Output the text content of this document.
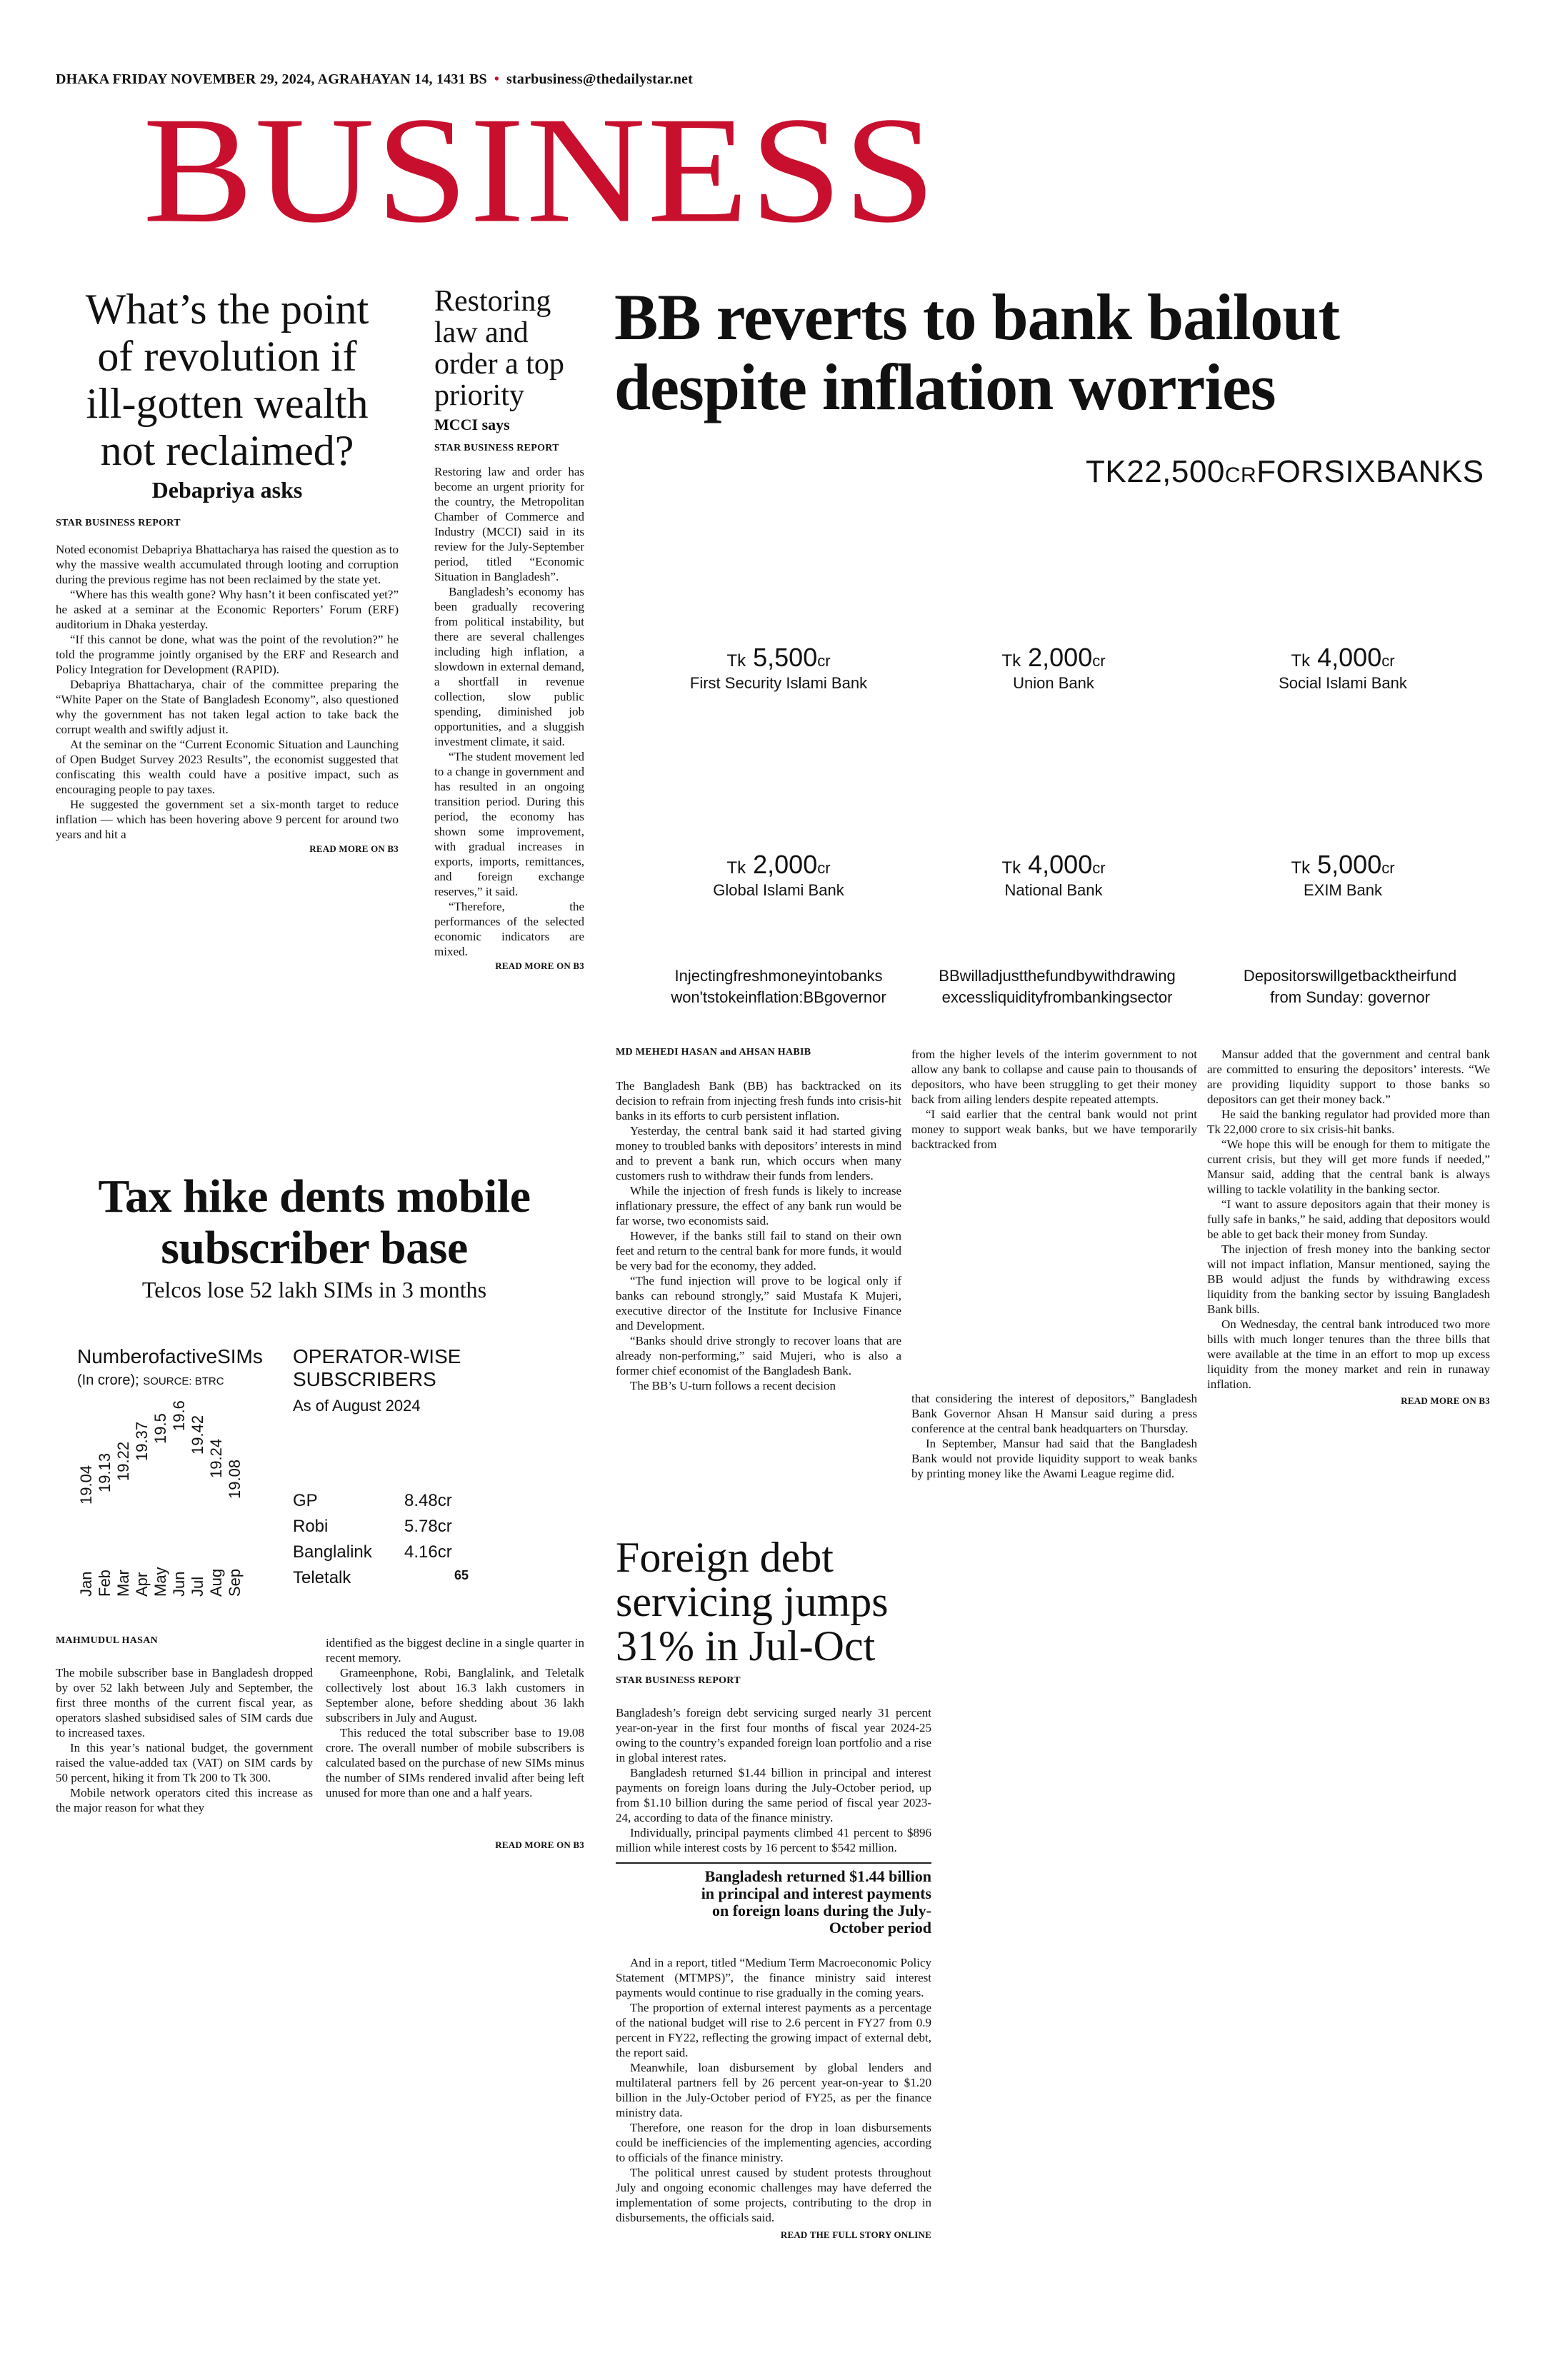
DHAKA FRIDAY NOVEMBER 29, 2024, AGRAHAYAN 14, 1431 BS • starbusiness@thedailystar.net
BUSINESS
What’s the point
of revolution if
ill-gotten wealth
not reclaimed?
Debapriya asks
STAR BUSINESS REPORT

Noted economist Debapriya Bhattacharya has raised the question as to why the massive wealth accumulated through looting and corruption during the previous regime has not been reclaimed by the state yet.

“Where has this wealth gone? Why hasn’t it been confiscated yet?” he asked at a seminar at the Economic Reporters’ Forum (ERF) auditorium in Dhaka yesterday.

“If this cannot be done, what was the point of the revolution?” he told the programme jointly organised by the ERF and Research and Policy Integration for Development (RAPID).

Debapriya Bhattacharya, chair of the committee preparing the “White Paper on the State of Bangladesh Economy”, also questioned why the government has not taken legal action to take back the corrupt wealth and swiftly adjust it.

At the seminar on the “Current Economic Situation and Launching of Open Budget Survey 2023 Results”, the economist suggested that confiscating this wealth could have a positive impact, such as encouraging people to pay taxes.

He suggested the government set a six-month target to reduce inflation — which has been hovering above 9 percent for around two years and hit a

READ MORE ON B3
Restoring
law and
order a top
priority
MCCI says
STAR BUSINESS REPORT

Restoring law and order has become an urgent priority for the country, the Metropolitan Chamber of Commerce and Industry (MCCI) said in its review for the July-September period, titled “Economic Situation in Bangladesh”.

Bangladesh’s economy has been gradually recovering from political instability, but there are several challenges including high inflation, a slowdown in external demand, a shortfall in revenue collection, slow public spending, diminished job opportunities, and a sluggish investment climate, it said.

“The student movement led to a change in government and has resulted in an ongoing transition period. During this period, the economy has shown some improvement, with gradual increases in exports, imports, remittances, and foreign exchange reserves,” it said.

“Therefore, the performances of the selected economic indicators are mixed.

READ MORE ON B3
BB reverts to bank bailout
despite inflation worries
TK22,500CRFORSIXBANKS
Tk 5,500cr
First Security Islami Bank
Tk 2,000cr
Union Bank
Tk 4,000cr
Social Islami Bank
Tk 2,000cr
Global Islami Bank
Tk 4,000cr
National Bank
Tk 5,000cr
EXIM Bank
Injectingfreshmoneyintobanks
won'tstokeinflation:BBgovernor
BBwilladjustthefundbywithdrawing
excessliquidityfrombankingsector
Depositorswillgetbacktheirfund
from Sunday: governor
MD MEHEDI HASAN and AHSAN HABIB

The Bangladesh Bank (BB) has backtracked on its decision to refrain from injecting fresh funds into crisis-hit banks in its efforts to curb persistent inflation.

Yesterday, the central bank said it had started giving money to troubled banks with depositors’ interests in mind and to prevent a bank run, which occurs when many customers rush to withdraw their funds from lenders.

While the injection of fresh funds is likely to increase inflationary pressure, the effect of any bank run would be far worse, two economists said.

However, if the banks still fail to stand on their own feet and return to the central bank for more funds, it would be very bad for the economy, they added.

“The fund injection will prove to be logical only if banks can rebound strongly,” said Mustafa K Mujeri, executive director of the Institute for Inclusive Finance and Development.

“Banks should drive strongly to recover loans that are already non-performing,” said Mujeri, who is also a former chief economist of the Bangladesh Bank.

The BB’s U-turn follows a recent decision

from the higher levels of the interim government to not allow any bank to collapse and cause pain to thousands of depositors, who have been struggling to get their money back from ailing lenders despite repeated attempts.

“I said earlier that the central bank would not print money to support weak banks, but we have temporarily backtracked from

that considering the interest of depositors,” Bangladesh Bank Governor Ahsan H Mansur said during a press conference at the central bank headquarters on Thursday.

In September, Mansur had said that the Bangladesh Bank would not provide liquidity support to weak banks by printing money like the Awami League regime did.

Mansur added that the government and central bank are committed to ensuring the depositors’ interests. “We are providing liquidity support to those banks so depositors can get their money back.”

He said the banking regulator had provided more than Tk 22,000 crore to six crisis-hit banks.

“We hope this will be enough for them to mitigate the current crisis, but they will get more funds if needed,” Mansur said, adding that the central bank is always willing to tackle volatility in the banking sector.

“I want to assure depositors again that their money is fully safe in banks,” he said, adding that depositors would be able to get back their money from Sunday.

The injection of fresh money into the banking sector will not impact inflation, Mansur mentioned, saying the BB would adjust the funds by withdrawing excess liquidity from the banking sector by issuing Bangladesh Bank bills.

On Wednesday, the central bank introduced two more bills with much longer tenures than the three bills that were available at the time in an effort to mop up excess liquidity from the money market and rein in runaway inflation.

READ MORE ON B3
Tax hike dents mobile
subscriber base
Telcos lose 52 lakh SIMs in 3 months
NumberofactiveSIMs
(In crore); SOURCE: BTRC
19.04
Jan
19.13
Feb
19.22
Mar
19.37
Apr
19.5
May
19.6
Jun
19.42
Jul
19.24
Aug
19.08
Sep
OPERATOR-WISE
SUBSCRIBERS
As of August 2024
GP	8.48cr
Robi	5.78cr
Banglalink 4.16cr
Teletalk	65
MAHMUDUL HASAN

The mobile subscriber base in Bangladesh dropped by over 52 lakh between July and September, the first three months of the current fiscal year, as operators slashed subsidised sales of SIM cards due to increased taxes.

In this year’s national budget, the government raised the value-added tax (VAT) on SIM cards by 50 percent, hiking it from Tk 200 to Tk 300.

Mobile network operators cited this increase as the major reason for what they

identified as the biggest decline in a single quarter in recent memory.

Grameenphone, Robi, Banglalink, and Teletalk collectively lost about 16.3 lakh customers in September alone, before shedding about 36 lakh subscribers in July and August.

This reduced the total subscriber base to 19.08 crore. The overall number of mobile subscribers is calculated based on the purchase of new SIMs minus the number of SIMs rendered invalid after being left unused for more than one and a half years.

READ MORE ON B3
Foreign debt
servicing jumps
31% in Jul-Oct
STAR BUSINESS REPORT

Bangladesh’s foreign debt servicing surged nearly 31 percent year-on-year in the first four months of fiscal year 2024-25 owing to the country’s expanded foreign loan portfolio and a rise in global interest rates.

Bangladesh returned $1.44 billion in principal and interest payments on foreign loans during the July-October period, up from $1.10 billion during the same period of fiscal year 2023-24, according to data of the finance ministry.

Individually, principal payments climbed 41 percent to $896 million while interest costs by 16 percent to $542 million.

Bangladesh returned $1.44 billion
in principal and interest payments
on foreign loans during the July-
October period

And in a report, titled “Medium Term Macroeconomic Policy Statement (MTMPS)”, the finance ministry said interest payments would continue to rise gradually in the coming years.

The proportion of external interest payments as a percentage of the national budget will rise to 2.6 percent in FY27 from 0.9 percent in FY22, reflecting the growing impact of external debt, the report said.

Meanwhile, loan disbursement by global lenders and multilateral partners fell by 26 percent year-on-year to $1.20 billion in the July-October period of FY25, as per the finance ministry data.

Therefore, one reason for the drop in loan disbursements could be inefficiencies of the implementing agencies, according to officials of the finance ministry.

The political unrest caused by student protests throughout July and ongoing economic challenges may have deferred the implementation of some projects, contributing to the drop in disbursements, the officials said.

READ THE FULL STORY ONLINE
